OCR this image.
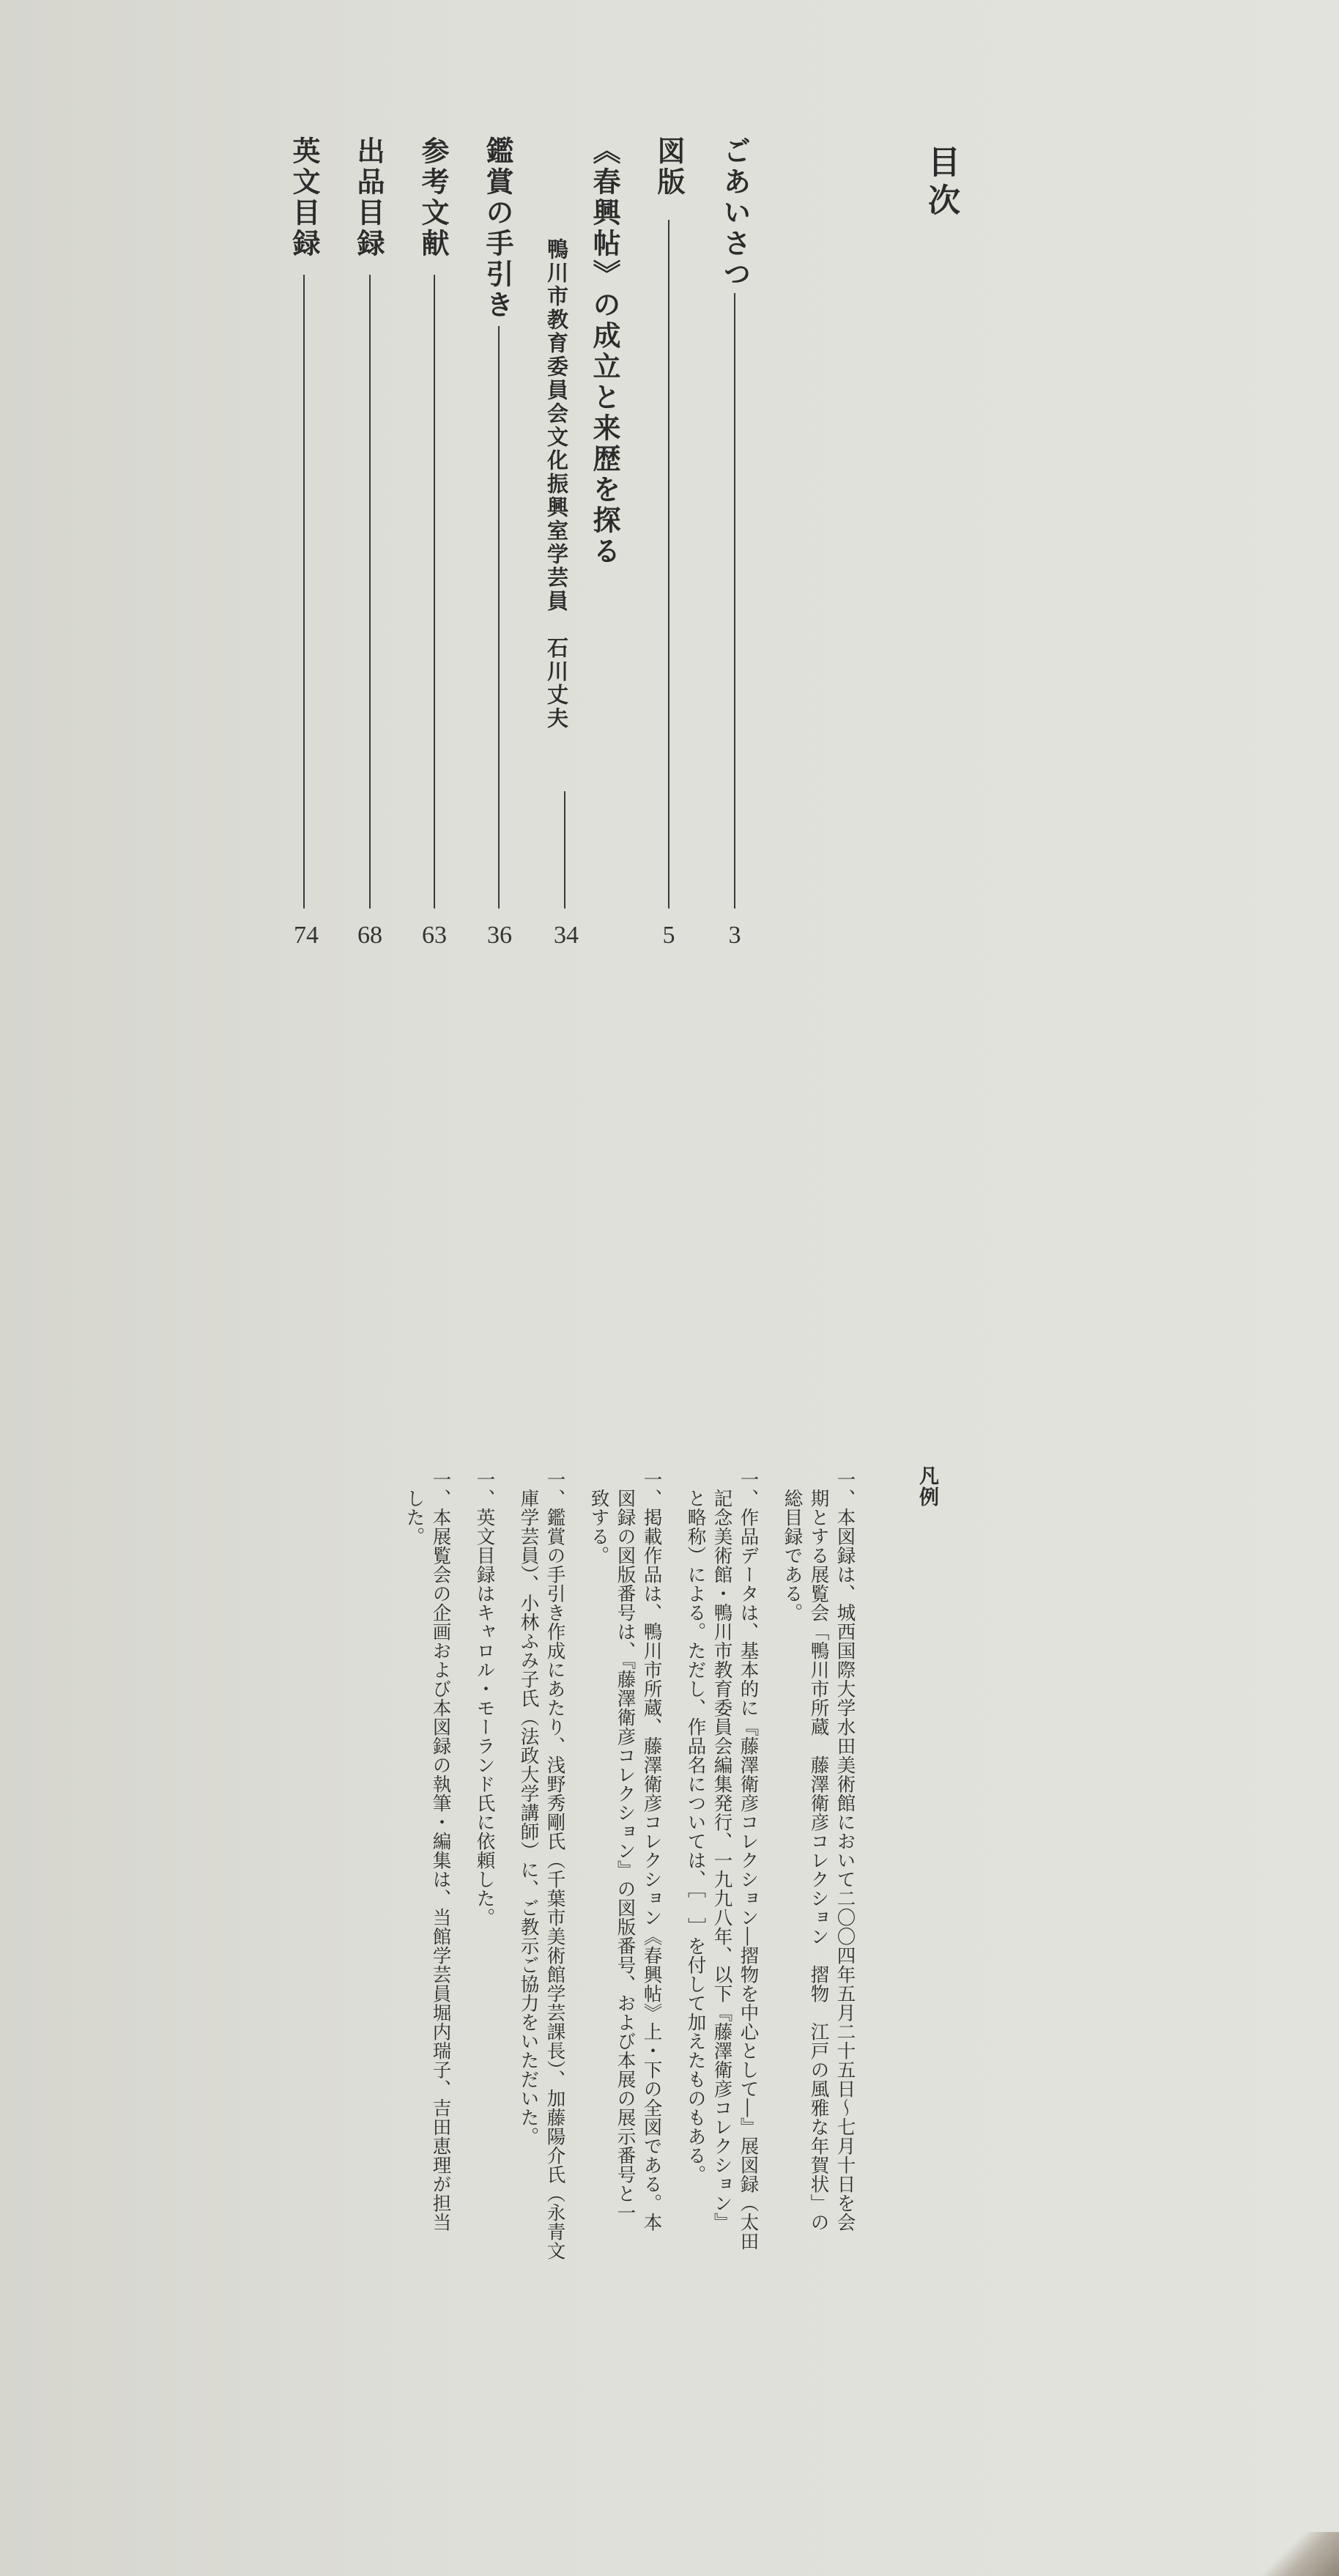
目次
ごあいさつ
3
図版
5
《春興帖》の成立と来歴を探る
鴨川市教育委員会文化振興室学芸員　石川丈夫
34
鑑賞の手引き
36
参考文献
63
出品目録
68
英文目録
74
凡例
一、本図録は、城西国際大学水田美術館において二〇〇四年五月二十五日～七月十日を会
期とする展覧会「鴨川市所蔵　藤澤衛彦コレクション　摺物　江戸の風雅な年賀状」の
総目録である。
一、作品データは、基本的に『藤澤衛彦コレクション―摺物を中心として―』展図録（太田
記念美術館・鴨川市教育委員会編集発行、一九九八年、以下『藤澤衛彦コレクション』
と略称）による。ただし、作品名については、［　］を付して加えたものもある。
一、掲載作品は、鴨川市所蔵、藤澤衛彦コレクション《春興帖》上・下の全図である。本
図録の図版番号は、『藤澤衛彦コレクション』の図版番号、および本展の展示番号と一
致する。
一、鑑賞の手引き作成にあたり、浅野秀剛氏（千葉市美術館学芸課長）、加藤陽介氏（永青文
庫学芸員）、小林ふみ子氏（法政大学講師）に、ご教示ご協力をいただいた。
一、英文目録はキャロル・モーランド氏に依頼した。
一、本展覧会の企画および本図録の執筆・編集は、当館学芸員堀内瑞子、吉田恵理が担当
した。
